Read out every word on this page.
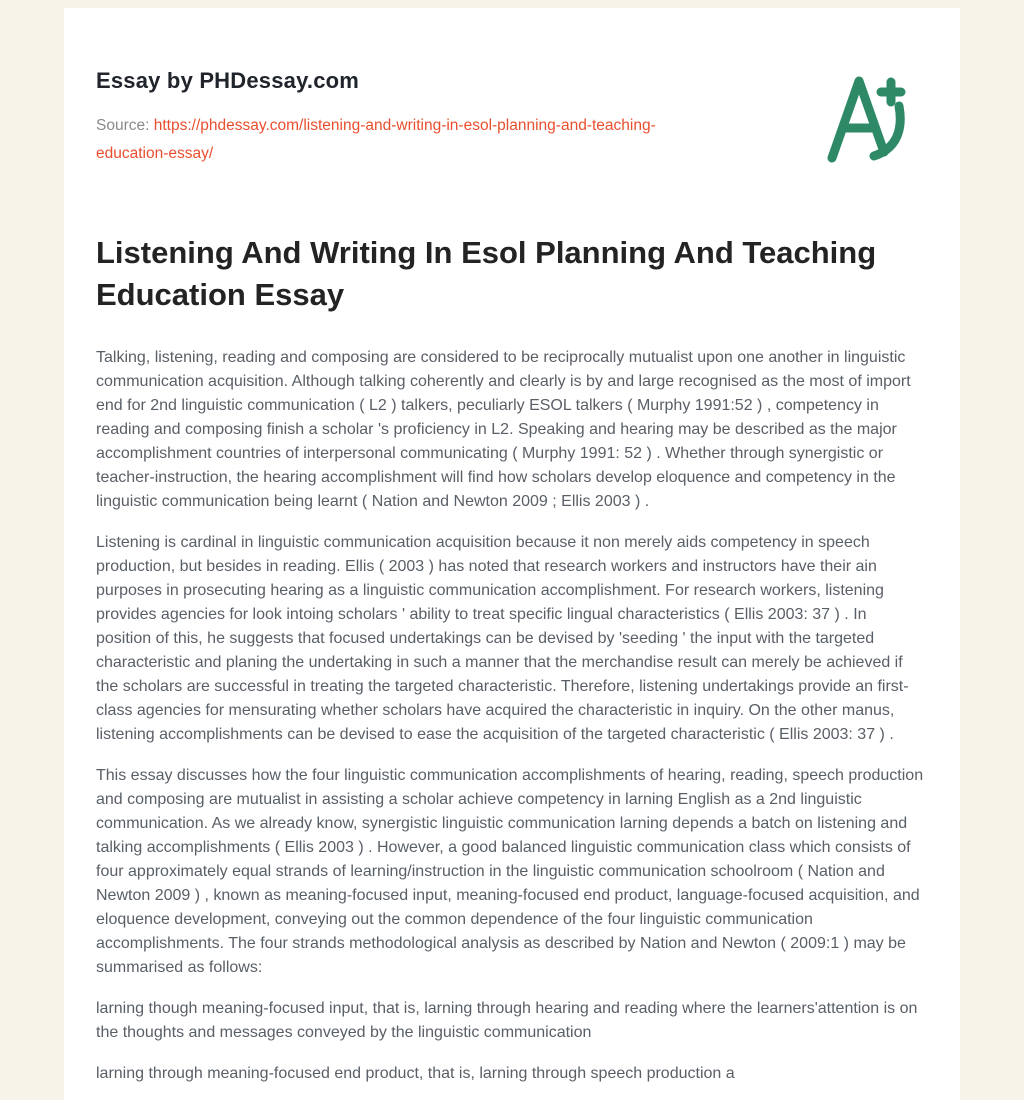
Essay by PHDessay.com
Source: https://phdessay.com/listening-and-writing-in-esol-planning-and-teaching-education-essay/
Listening And Writing In Esol Planning And Teaching Education Essay

Talking, listening, reading and composing are considered to be reciprocally mutualist upon one another in linguistic communication acquisition. Although talking coherently and clearly is by and large recognised as the most of import end for 2nd linguistic communication ( L2 ) talkers, peculiarly ESOL talkers ( Murphy 1991:52 ) , competency in reading and composing finish a scholar 's proficiency in L2. Speaking and hearing may be described as the major accomplishment countries of interpersonal communicating ( Murphy 1991: 52 ) . Whether through synergistic or teacher-instruction, the hearing accomplishment will find how scholars develop eloquence and competency in the linguistic communication being learnt ( Nation and Newton 2009 ; Ellis 2003 ) .

Listening is cardinal in linguistic communication acquisition because it non merely aids competency in speech production, but besides in reading. Ellis ( 2003 ) has noted that research workers and instructors have their ain purposes in prosecuting hearing as a linguistic communication accomplishment. For research workers, listening provides agencies for look intoing scholars ' ability to treat specific lingual characteristics ( Ellis 2003: 37 ) . In position of this, he suggests that focused undertakings can be devised by 'seeding ' the input with the targeted characteristic and planing the undertaking in such a manner that the merchandise result can merely be achieved if the scholars are successful in treating the targeted characteristic. Therefore, listening undertakings provide an first-class agencies for mensurating whether scholars have acquired the characteristic in inquiry. On the other manus, listening accomplishments can be devised to ease the acquisition of the targeted characteristic ( Ellis 2003: 37 ) .

This essay discusses how the four linguistic communication accomplishments of hearing, reading, speech production and composing are mutualist in assisting a scholar achieve competency in larning English as a 2nd linguistic communication. As we already know, synergistic linguistic communication larning depends a batch on listening and talking accomplishments ( Ellis 2003 ) . However, a good balanced linguistic communication class which consists of four approximately equal strands of learning/instruction in the linguistic communication schoolroom ( Nation and Newton 2009 ) , known as meaning-focused input, meaning-focused end product, language-focused acquisition, and eloquence development, conveying out the common dependence of the four linguistic communication accomplishments. The four strands methodological analysis as described by Nation and Newton ( 2009:1 ) may be summarised as follows:

larning though meaning-focused input, that is, larning through hearing and reading where the learners'attention is on the thoughts and messages conveyed by the linguistic communication

larning through meaning-focused end product, that is, larning through speech production a
